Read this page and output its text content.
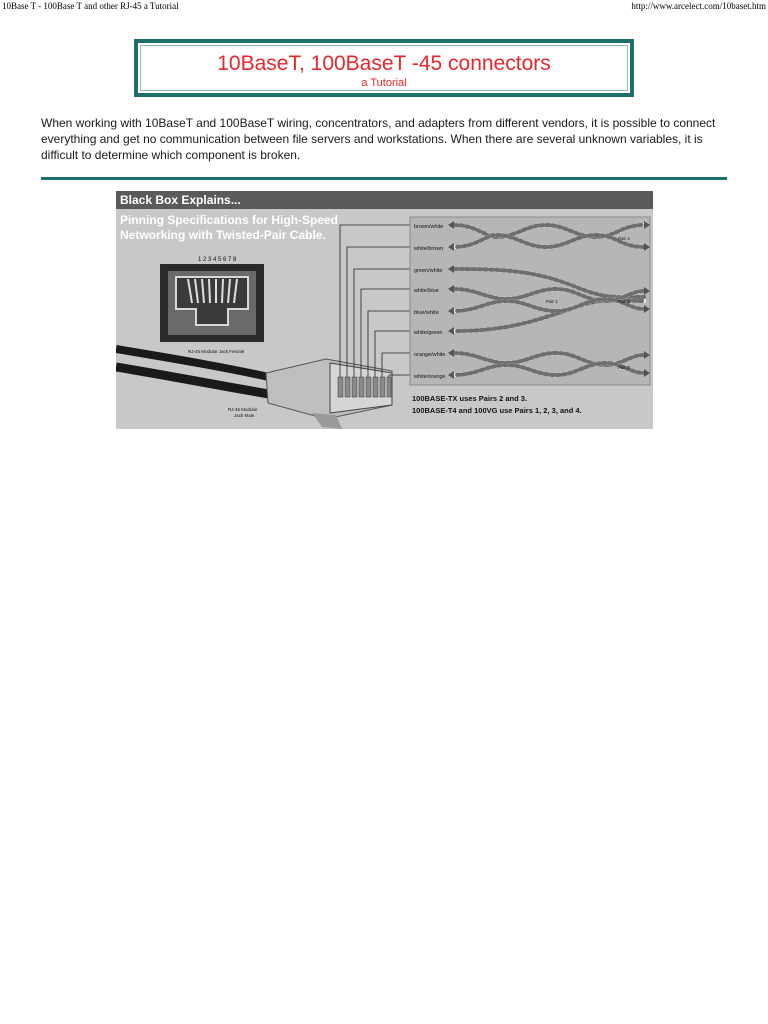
10Base T - 100Base T and other RJ-45 a Tutorial	http://www.arcelect.com/10baset.htm
10BaseT, 100BaseT -45 connectors
a Tutorial

When working with 10BaseT and 100BaseT wiring, concentrators, and adapters from different vendors, it is possible to connect everything and get no communication between file servers and workstations. When there are several unknown variables, it is difficult to determine which component is broken.

Black Box Explains...
Pinning Specifications for High-Speed
Networking with Twisted-Pair Cable.
1 2 3 4 5 6 7 8
RJ-45 Modular Jack Female
RJ-45 Modular
Jack Male
brown/white
white/brown
green/white
white/blue
blue/white
white/green
orange/white
white/orange
Pair 4
Pair 1	Pair 3
Pair 2
100BASE-TX uses Pairs 2 and 3.
100BASE-T4 and 100VG use Pairs 1, 2, 3, and 4.
